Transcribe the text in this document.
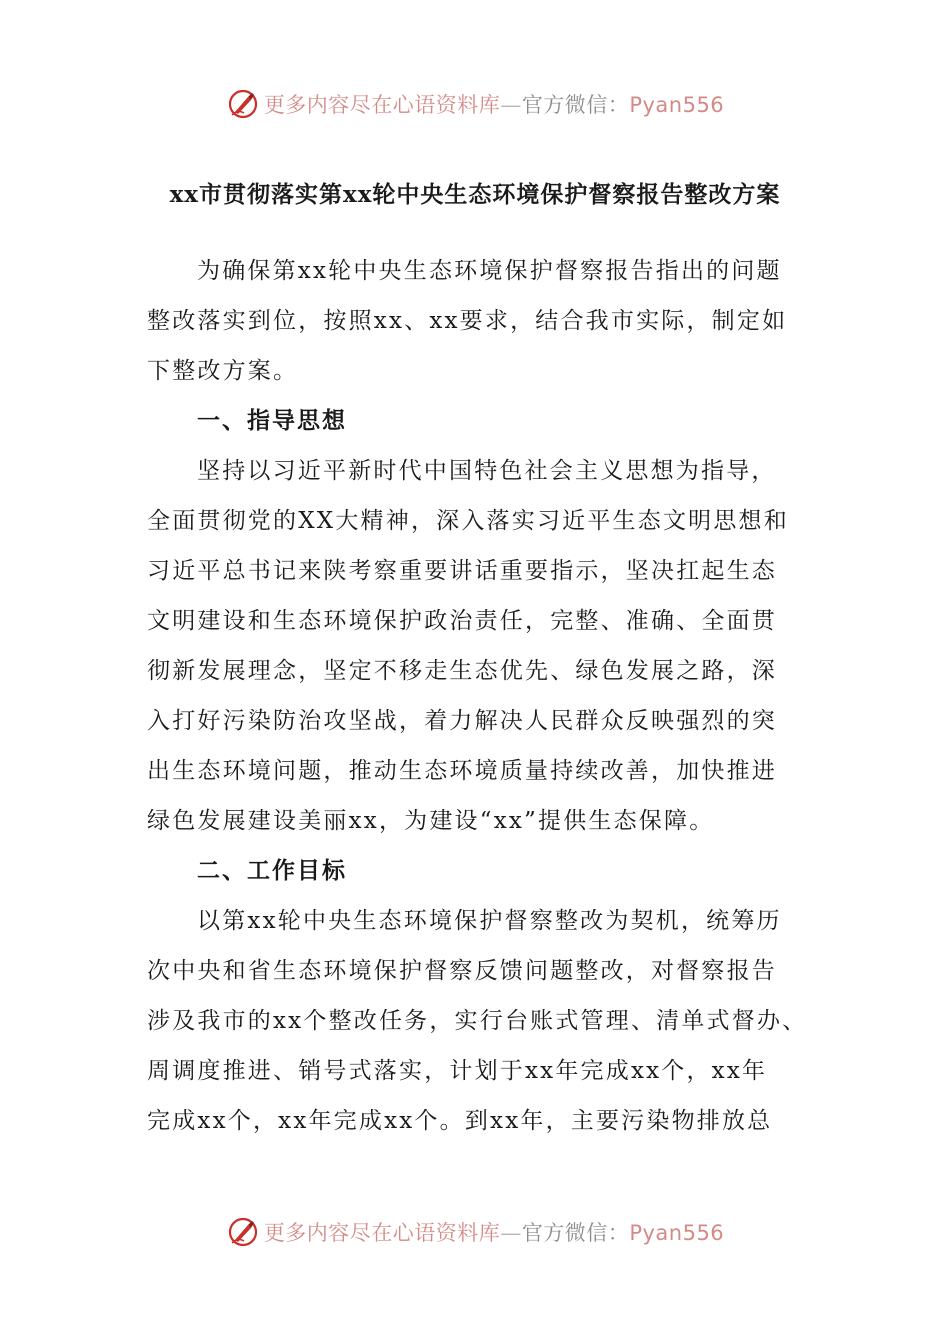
更多内容尽在心语资料库—官方微信：Pyan556
xx市贯彻落实第xx轮中央生态环境保护督察报告整改方案
为确保第xx轮中央生态环境保护督察报告指出的问题
整改落实到位，按照xx、xx要求，结合我市实际，制定如
下整改方案。
一、指导思想
坚持以习近平新时代中国特色社会主义思想为指导，
全面贯彻党的XX大精神，深入落实习近平生态文明思想和
习近平总书记来陕考察重要讲话重要指示，坚决扛起生态
文明建设和生态环境保护政治责任，完整、准确、全面贯
彻新发展理念，坚定不移走生态优先、绿色发展之路，深
入打好污染防治攻坚战，着力解决人民群众反映强烈的突
出生态环境问题，推动生态环境质量持续改善，加快推进
绿色发展建设美丽xx，为建设“xx”提供生态保障。
二、工作目标
以第xx轮中央生态环境保护督察整改为契机，统筹历
次中央和省生态环境保护督察反馈问题整改，对督察报告
涉及我市的xx个整改任务，实行台账式管理、清单式督办、
周调度推进、销号式落实，计划于xx年完成xx个，xx年
完成xx个，xx年完成xx个。到xx年，主要污染物排放总
更多内容尽在心语资料库—官方微信：Pyan556
